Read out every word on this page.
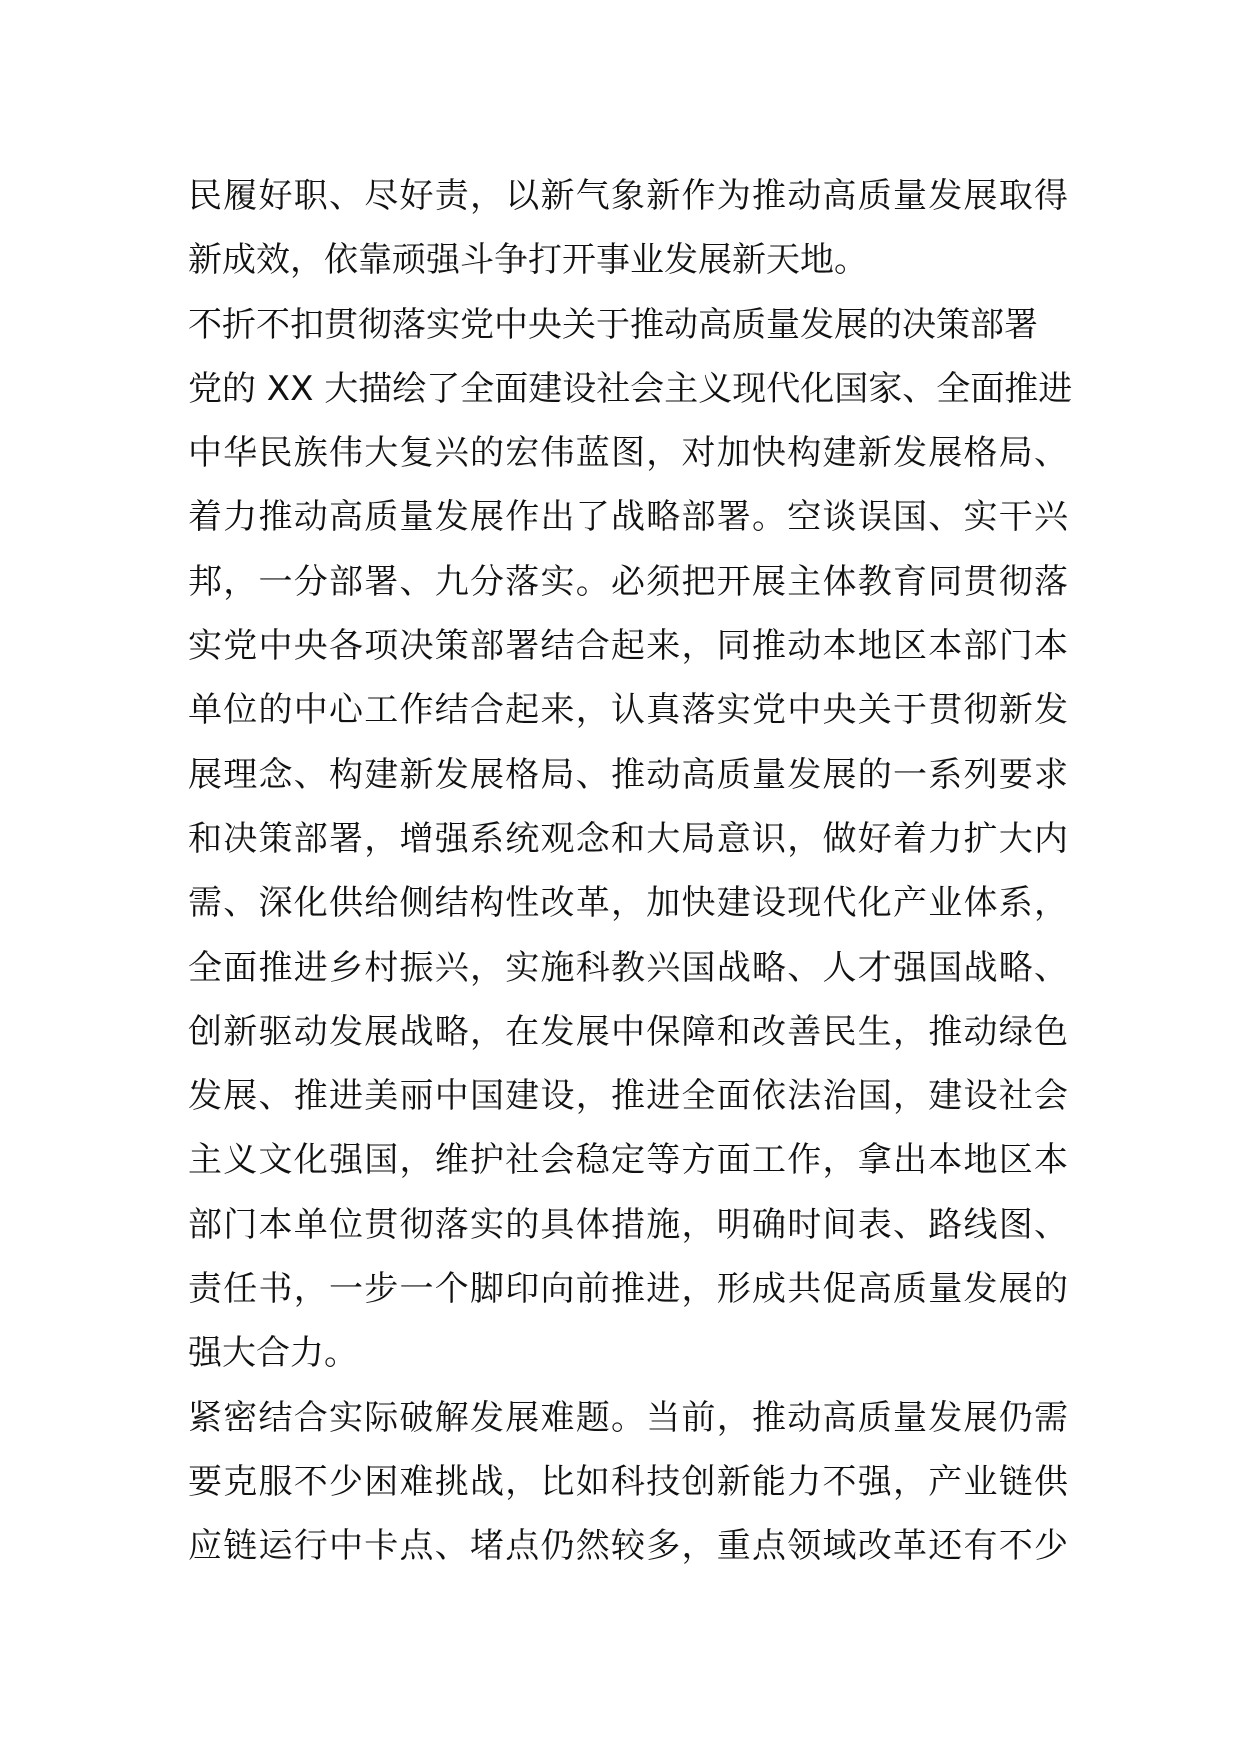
民履好职、尽好责，以新气象新作为推动高质量发展取得
新成效，依靠顽强斗争打开事业发展新天地。
不折不扣贯彻落实党中央关于推动高质量发展的决策部署
党的 XX 大描绘了全面建设社会主义现代化国家、全面推进
中华民族伟大复兴的宏伟蓝图，对加快构建新发展格局、
着力推动高质量发展作出了战略部署。空谈误国、实干兴
邦，一分部署、九分落实。必须把开展主体教育同贯彻落
实党中央各项决策部署结合起来，同推动本地区本部门本
单位的中心工作结合起来，认真落实党中央关于贯彻新发
展理念、构建新发展格局、推动高质量发展的一系列要求
和决策部署，增强系统观念和大局意识，做好着力扩大内
需、深化供给侧结构性改革，加快建设现代化产业体系，
全面推进乡村振兴，实施科教兴国战略、人才强国战略、
创新驱动发展战略，在发展中保障和改善民生，推动绿色
发展、推进美丽中国建设，推进全面依法治国，建设社会
主义文化强国，维护社会稳定等方面工作，拿出本地区本
部门本单位贯彻落实的具体措施，明确时间表、路线图、
责任书，一步一个脚印向前推进，形成共促高质量发展的
强大合力。
紧密结合实际破解发展难题。当前，推动高质量发展仍需
要克服不少困难挑战，比如科技创新能力不强，产业链供
应链运行中卡点、堵点仍然较多，重点领域改革还有不少
